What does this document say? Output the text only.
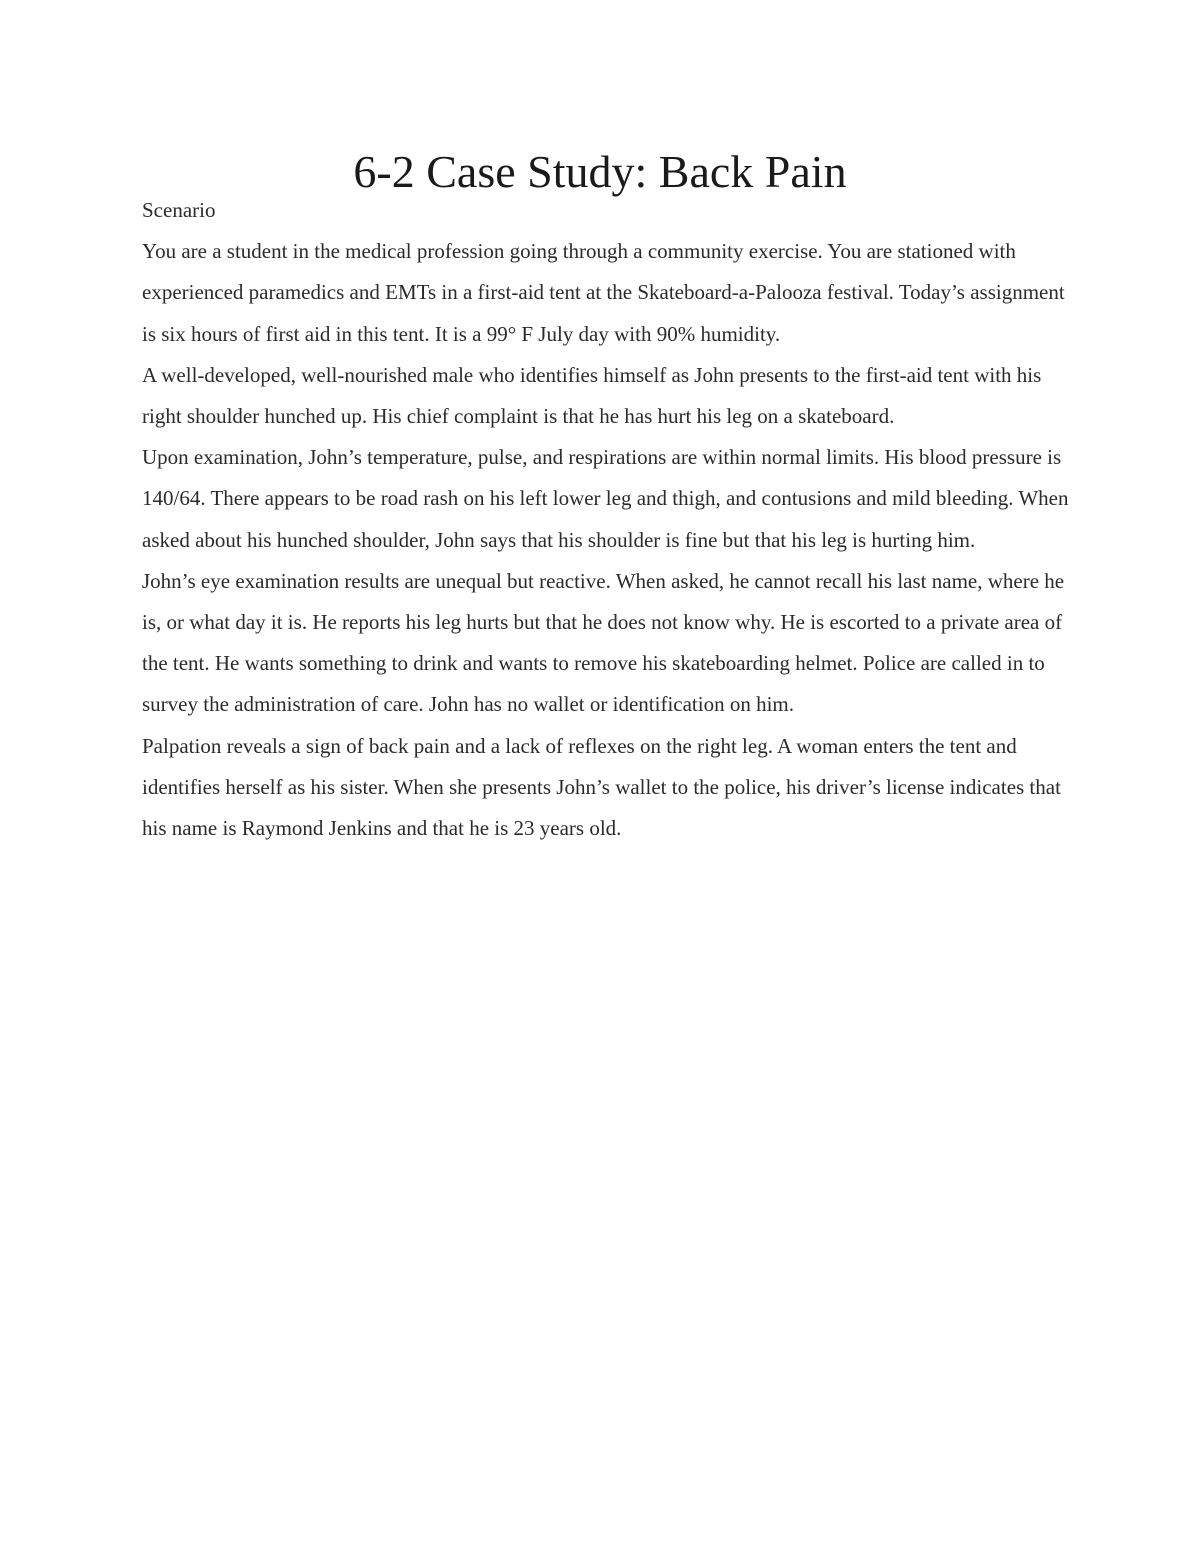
6-2 Case Study: Back Pain

Scenario

You are a student in the medical profession going through a community exercise. You are stationed with experienced paramedics and EMTs in a first-aid tent at the Skateboard-a-Palooza festival. Today’s assignment is six hours of first aid in this tent. It is a 99° F July day with 90% humidity.

A well-developed, well-nourished male who identifies himself as John presents to the first-aid tent with his right shoulder hunched up. His chief complaint is that he has hurt his leg on a skateboard.

Upon examination, John’s temperature, pulse, and respirations are within normal limits. His blood pressure is 140/64. There appears to be road rash on his left lower leg and thigh, and contusions and mild bleeding. When asked about his hunched shoulder, John says that his shoulder is fine but that his leg is hurting him.

John’s eye examination results are unequal but reactive. When asked, he cannot recall his last name, where he is, or what day it is. He reports his leg hurts but that he does not know why. He is escorted to a private area of the tent. He wants something to drink and wants to remove his skateboarding helmet. Police are called in to survey the administration of care. John has no wallet or identification on him.

Palpation reveals a sign of back pain and a lack of reflexes on the right leg. A woman enters the tent and identifies herself as his sister. When she presents John’s wallet to the police, his driver’s license indicates that his name is Raymond Jenkins and that he is 23 years old.
